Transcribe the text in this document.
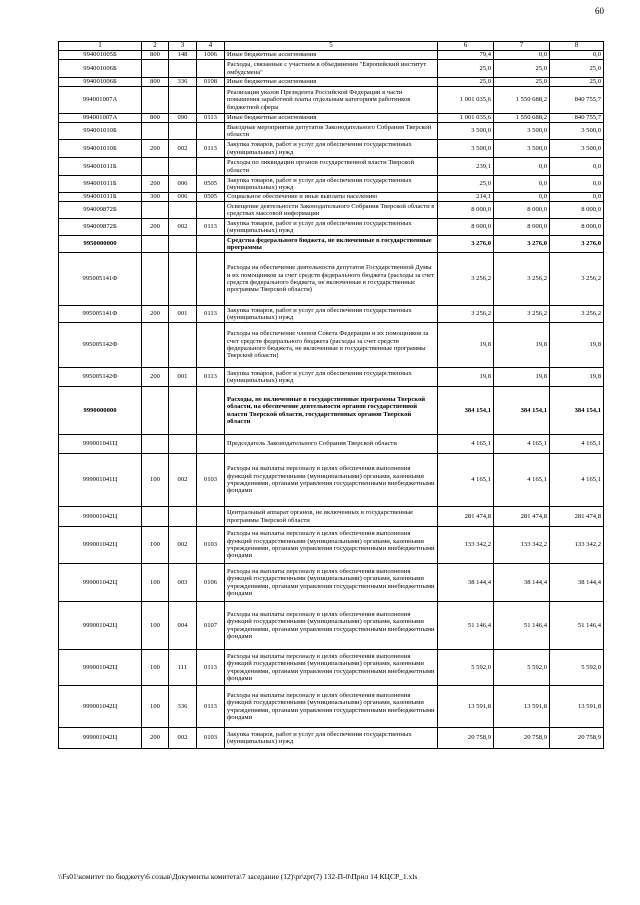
60
1	2	3	4	5	6	7	8
994001005Б	800	148	1006	Иные бюджетные ассигнования	79,4	0,0	0,0
994001006Б				Расходы, связанные с участием в объединении "Европейский институт омбудсмена"	25,0	25,0	25,0
994001006Б	800	336	0108	Иные бюджетные ассигнования	25,0	25,0	25,0
994001007А				Реализация указов Президента Российской Федерации в части повышения заработной платы отдельным категориям работников бюджетной сферы	1 001 035,6	1 550 688,2	840 755,7
994001007А	800	090	0113	Иные бюджетные ассигнования	1 001 035,6	1 550 688,2	840 755,7
994001010Б				Выездные мероприятия депутатов Законодательного Собрания Тверской области	3 500,0	3 500,0	3 500,0
994001010Б	200	002	0113	Закупка товаров, работ и услуг для обеспечения государственных (муниципальных) нужд	3 500,0	3 500,0	3 500,0
994001011Б				Расходы по ликвидации органов государственной власти Тверской области	239,1	0,0	0,0
994001011Б	200	006	0505	Закупка товаров, работ и услуг для обеспечения государственных (муниципальных) нужд	25,0	0,0	0,0
994001011Б	300	006	0505	Социальное обеспечение и иные выплаты населению	214,1	0,0	0,0
994009872Б				Освещение деятельности Законодательного Собрания Тверской области в средствах массовой информации	8 000,0	8 000,0	8 000,0
994009872Б	200	002	0113	Закупка товаров, работ и услуг для обеспечения государственных (муниципальных) нужд	8 000,0	8 000,0	8 000,0
9950000000				Средства федерального бюджета, не включенные в государственные программы	3 276,0	3 276,0	3 276,0
995005141Ф				Расходы на обеспечение деятельности депутатов Государственной Думы и их помощников за счет средств федерального бюджета (расходы за счет средств федерального бюджета, не включенные в государственные программы Тверской области)	3 256,2	3 256,2	3 256,2
995005141Ф	200	001	0113	Закупка товаров, работ и услуг для обеспечения государственных (муниципальных) нужд	3 256,2	3 256,2	3 256,2
995005142Ф				Расходы на обеспечение членов Совета Федерации и их помощников за счет средств федерального бюджета (расходы за счет средств федерального бюджета, не включенные в государственные программы Тверской области)	19,8	19,8	19,8
995005142Ф	200	001	0113	Закупка товаров, работ и услуг для обеспечения государственных (муниципальных) нужд	19,8	19,8	19,8
9990000000				Расходы, не включенные в государственные программы Тверской области, на обеспечение деятельности органов государственной власти Тверской области, государственных органов Тверской области	384 154,1	384 154,1	384 154,1
999001041Ц				Председатель Законодательного Собрания Тверской области	4 165,1	4 165,1	4 165,1
999001041Ц	100	002	0103	Расходы на выплаты персоналу в целях обеспечения выполнения функций государственными (муниципальными) органами, казенными учреждениями, органами управления государственными внебюджетными фондами	4 165,1	4 165,1	4 165,1
999001042Ц				Центральный аппарат органов, не включенных в государственные программы Тверской области	281 474,8	281 474,8	281 474,8
999001042Ц	100	002	0103	Расходы на выплаты персоналу в целях обеспечения выполнения функций государственными (муниципальными) органами, казенными учреждениями, органами управления государственными внебюджетными фондами	133 342,2	133 342,2	133 342,2
999001042Ц	100	003	0106	Расходы на выплаты персоналу в целях обеспечения выполнения функций государственными (муниципальными) органами, казенными учреждениями, органами управления государственными внебюджетными фондами	38 144,4	38 144,4	38 144,4
999001042Ц	100	004	0107	Расходы на выплаты персоналу в целях обеспечения выполнения функций государственными (муниципальными) органами, казенными учреждениями, органами управления государственными внебюджетными фондами	51 146,4	51 146,4	51 146,4
999001042Ц	100	111	0113	Расходы на выплаты персоналу в целях обеспечения выполнения функций государственными (муниципальными) органами, казенными учреждениями, органами управления государственными внебюджетными фондами	5 592,0	5 592,0	5 592,0
999001042Ц	100	336	0113	Расходы на выплаты персоналу в целях обеспечения выполнения функций государственными (муниципальными) органами, казенными учреждениями, органами управления государственными внебюджетными фондами	13 591,8	13 591,8	13 591,8
999001042Ц	200	002	0103	Закупка товаров, работ и услуг для обеспечения государственных (муниципальных) нужд	20 758,9	20 758,9	20 758,9
\\Fs01\комитет по бюджету\6 созыв\Документы комитета\7 заседание (12)\pr\zpr(7) 132-П-0\Прил 14 КЦСР_1.xls
